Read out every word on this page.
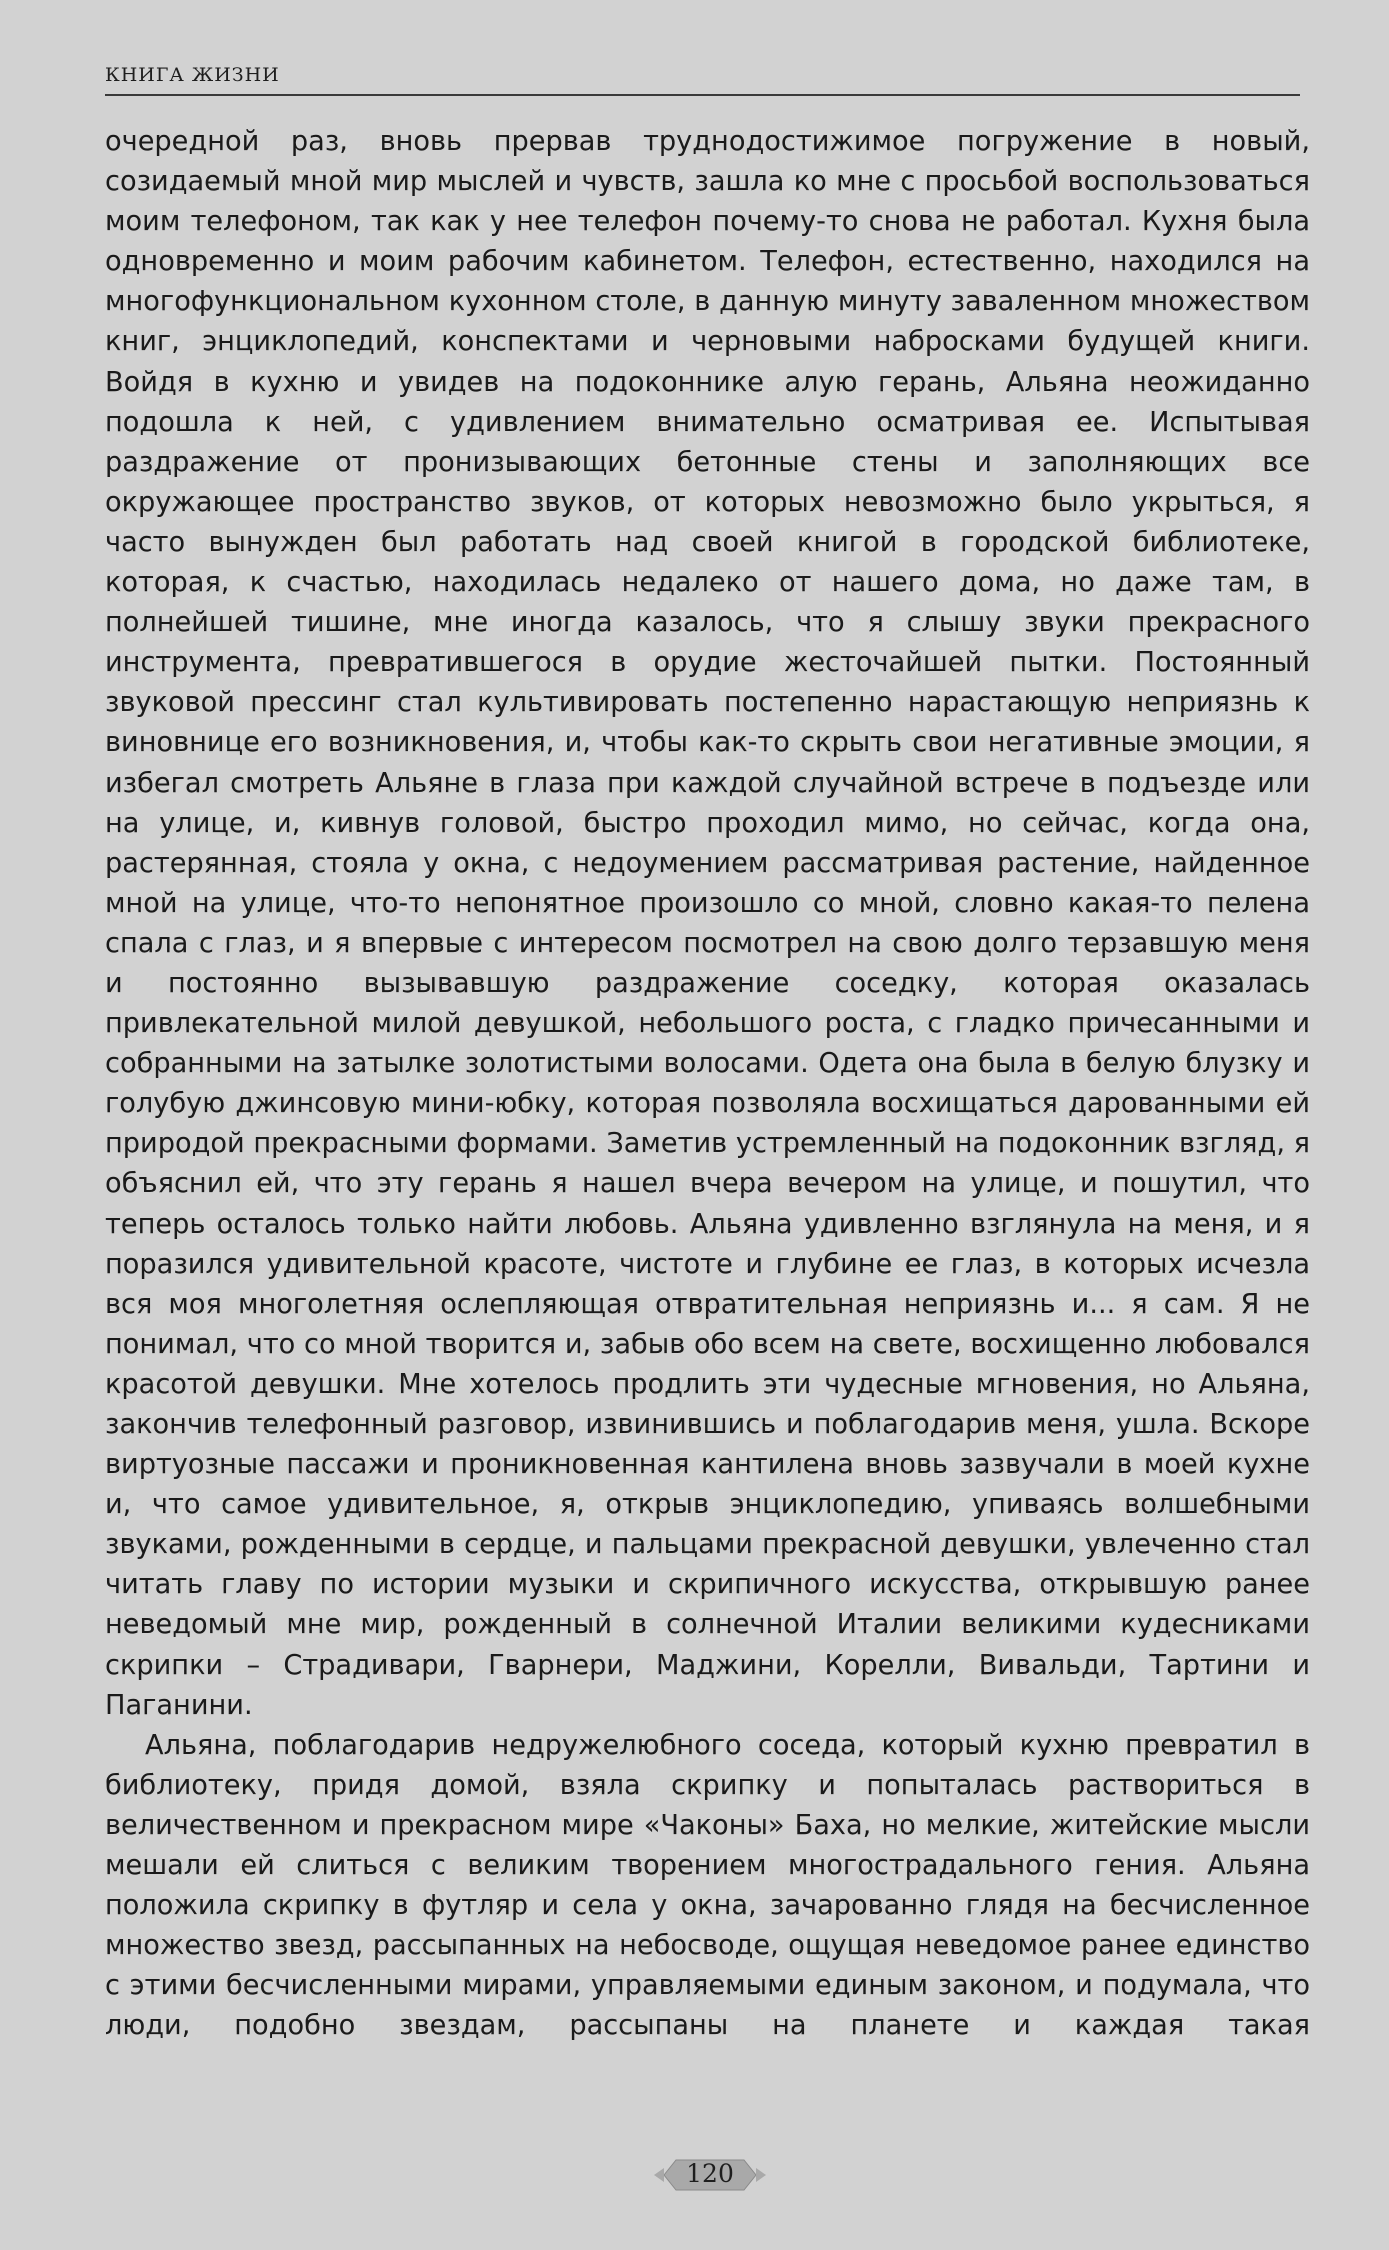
КНИГА ЖИЗНИ

очередной раз, вновь прервав труднодостижимое погружение в новый, созидаемый мной мир мыслей и чувств, зашла ко мне с просьбой воспользоваться моим телефоном, так как у нее телефон почему-то снова не работал. Кухня была одновременно и моим рабочим кабинетом. Телефон, естественно, находился на многофункциональном кухонном столе, в данную минуту заваленном множеством книг, энциклопедий, конспектами и черновыми набросками будущей книги. Войдя в кухню и увидев на подоконнике алую герань, Альяна неожиданно подошла к ней, с удивлением внимательно осматривая ее. Испытывая раздражение от пронизывающих бетонные стены и заполняющих все окружающее пространство звуков, от которых невозможно было укрыться, я часто вынужден был работать над своей книгой в городской библиотеке, которая, к счастью, находилась недалеко от нашего дома, но даже там, в полнейшей тишине, мне иногда казалось, что я слышу звуки прекрасного инструмента, превратившегося в орудие жесточайшей пытки. Постоянный звуковой прессинг стал культивировать постепенно нарастающую неприязнь к виновнице его возникновения, и, чтобы как-то скрыть свои негативные эмоции, я избегал смотреть Альяне в глаза при каждой случайной встрече в подъезде или на улице, и, кивнув головой, быстро проходил мимо, но сейчас, когда она, растерянная, стояла у окна, с недоумением рассматривая растение, найденное мной на улице, что-то непонятное произошло со мной, словно какая-то пелена спала с глаз, и я впервые с интересом посмотрел на свою долго терзавшую меня и постоянно вызывавшую раздражение соседку, которая оказалась привлекательной милой девушкой, небольшого роста, с гладко причесанными и собранными на затылке золотистыми волосами. Одета она была в белую блузку и голубую джинсовую мини-юбку, которая позволяла восхищаться дарованными ей природой прекрасными формами. Заметив устремленный на подоконник взгляд, я объяснил ей, что эту герань я нашел вчера вечером на улице, и пошутил, что теперь осталось только найти любовь. Альяна удивленно взглянула на меня, и я поразился удивительной красоте, чистоте и глубине ее глаз, в которых исчезла вся моя многолетняя ослепляющая отвратительная неприязнь и... я сам. Я не понимал, что со мной творится и, забыв обо всем на свете, восхищенно любовался красотой девушки. Мне хотелось продлить эти чудесные мгновения, но Альяна, закончив телефонный разговор, извинившись и поблагодарив меня, ушла. Вскоре виртуозные пассажи и проникновенная кантилена вновь зазвучали в моей кухне и, что самое удивительное, я, открыв энциклопедию, упиваясь волшебными звуками, рожденными в сердце, и пальцами прекрасной девушки, увлеченно стал читать главу по истории музыки и скрипичного искусства, открывшую ранее неведомый мне мир, рожденный в солнечной Италии великими кудесниками скрипки – Страдивари, Гварнери, Маджини, Корелли, Вивальди, Тартини и Паганини.

Альяна, поблагодарив недружелюбного соседа, который кухню превратил в библиотеку, придя домой, взяла скрипку и попыталась раствориться в величественном и прекрасном мире «Чаконы» Баха, но мелкие, житейские мысли мешали ей слиться с великим творением многострадального гения. Альяна положила скрипку в футляр и села у окна, зачарованно глядя на бесчисленное множество звезд, рассыпанных на небосводе, ощущая неведомое ранее единство с этими бесчисленными мирами, управляемыми единым законом, и подумала, что люди, подобно звездам, рассыпаны на планете и каждая такая

120
